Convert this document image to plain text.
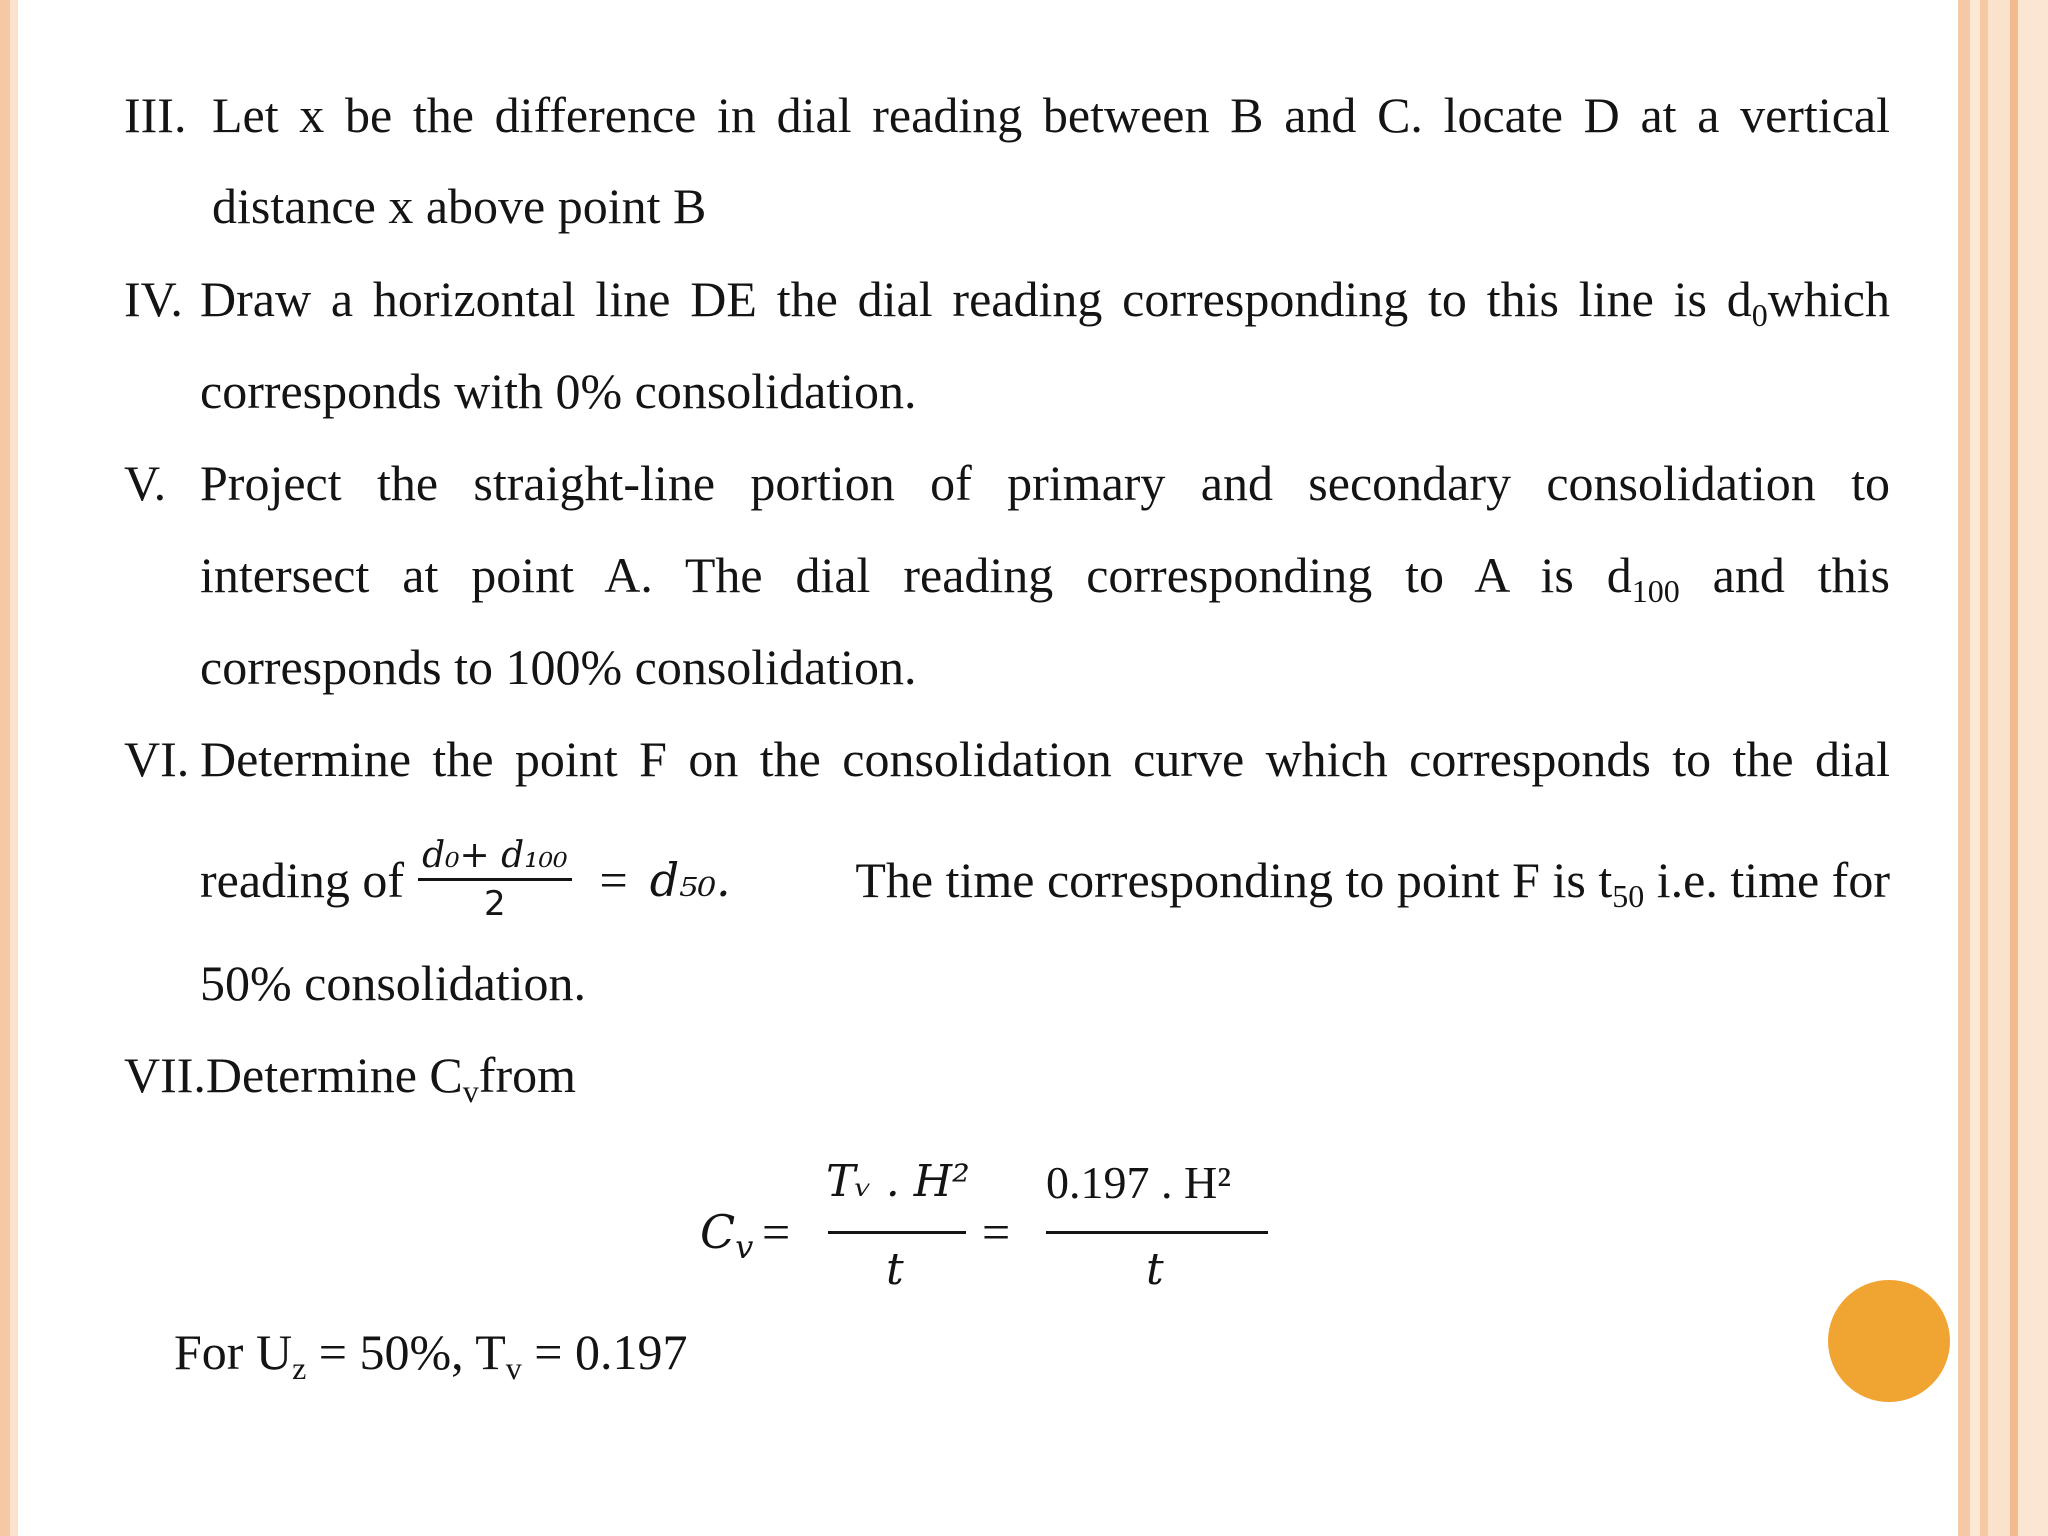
III. Let x be the difference in dial reading between B and C. locate D at a vertical
distance x above point B
IV. Draw a horizontal line DE the dial reading corresponding to this line is $d_0which$
corresponds with 0% consolidation.
V. Project the straight-line portion of primary and secondary consolidation to
intersect at point A. The dial reading corresponding to A is $d_{100}$ and this
corresponds to 100% consolidation.
VI. Determine the point F on the consolidation curve which corresponds to the dial
reading of $\frac{\text{d₀+ d₁₀₀}}{2} = d_{50}$. The time corresponding to point F is $t_{50}$ i.e. time for
50% consolidation.
VII.Determine $C_vfrom$
$C_v$ =
Tᵥ . H²
t
=
0.197 . H²
t
For $U_z = 50\%$, $T_v = 0.197$
